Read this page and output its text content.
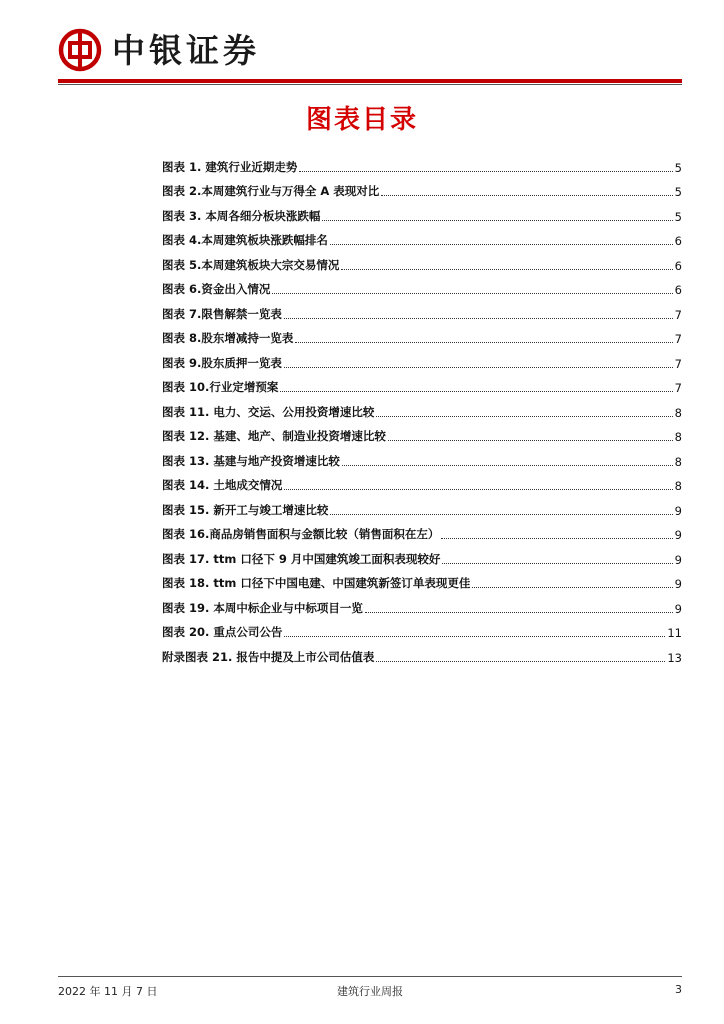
中银证券
图表目录
图表 1. 建筑行业近期走势	5
图表 2.本周建筑行业与万得全 A 表现对比	5
图表 3. 本周各细分板块涨跌幅	5
图表 4.本周建筑板块涨跌幅排名	6
图表 5.本周建筑板块大宗交易情况	6
图表 6.资金出入情况	6
图表 7.限售解禁一览表	7
图表 8.股东增减持一览表	7
图表 9.股东质押一览表	7
图表 10.行业定增预案	7
图表 11. 电力、交运、公用投资增速比较	8
图表 12. 基建、地产、制造业投资增速比较	8
图表 13. 基建与地产投资增速比较	8
图表 14. 土地成交情况	8
图表 15. 新开工与竣工增速比较	9
图表 16.商品房销售面积与金额比较（销售面积在左）	9
图表 17. ttm 口径下 9 月中国建筑竣工面积表现较好	9
图表 18. ttm 口径下中国电建、中国建筑新签订单表现更佳	9
图表 19. 本周中标企业与中标项目一览	9
图表 20. 重点公司公告	11
附录图表 21. 报告中提及上市公司估值表	13
2022 年 11 月 7 日	建筑行业周报	3
